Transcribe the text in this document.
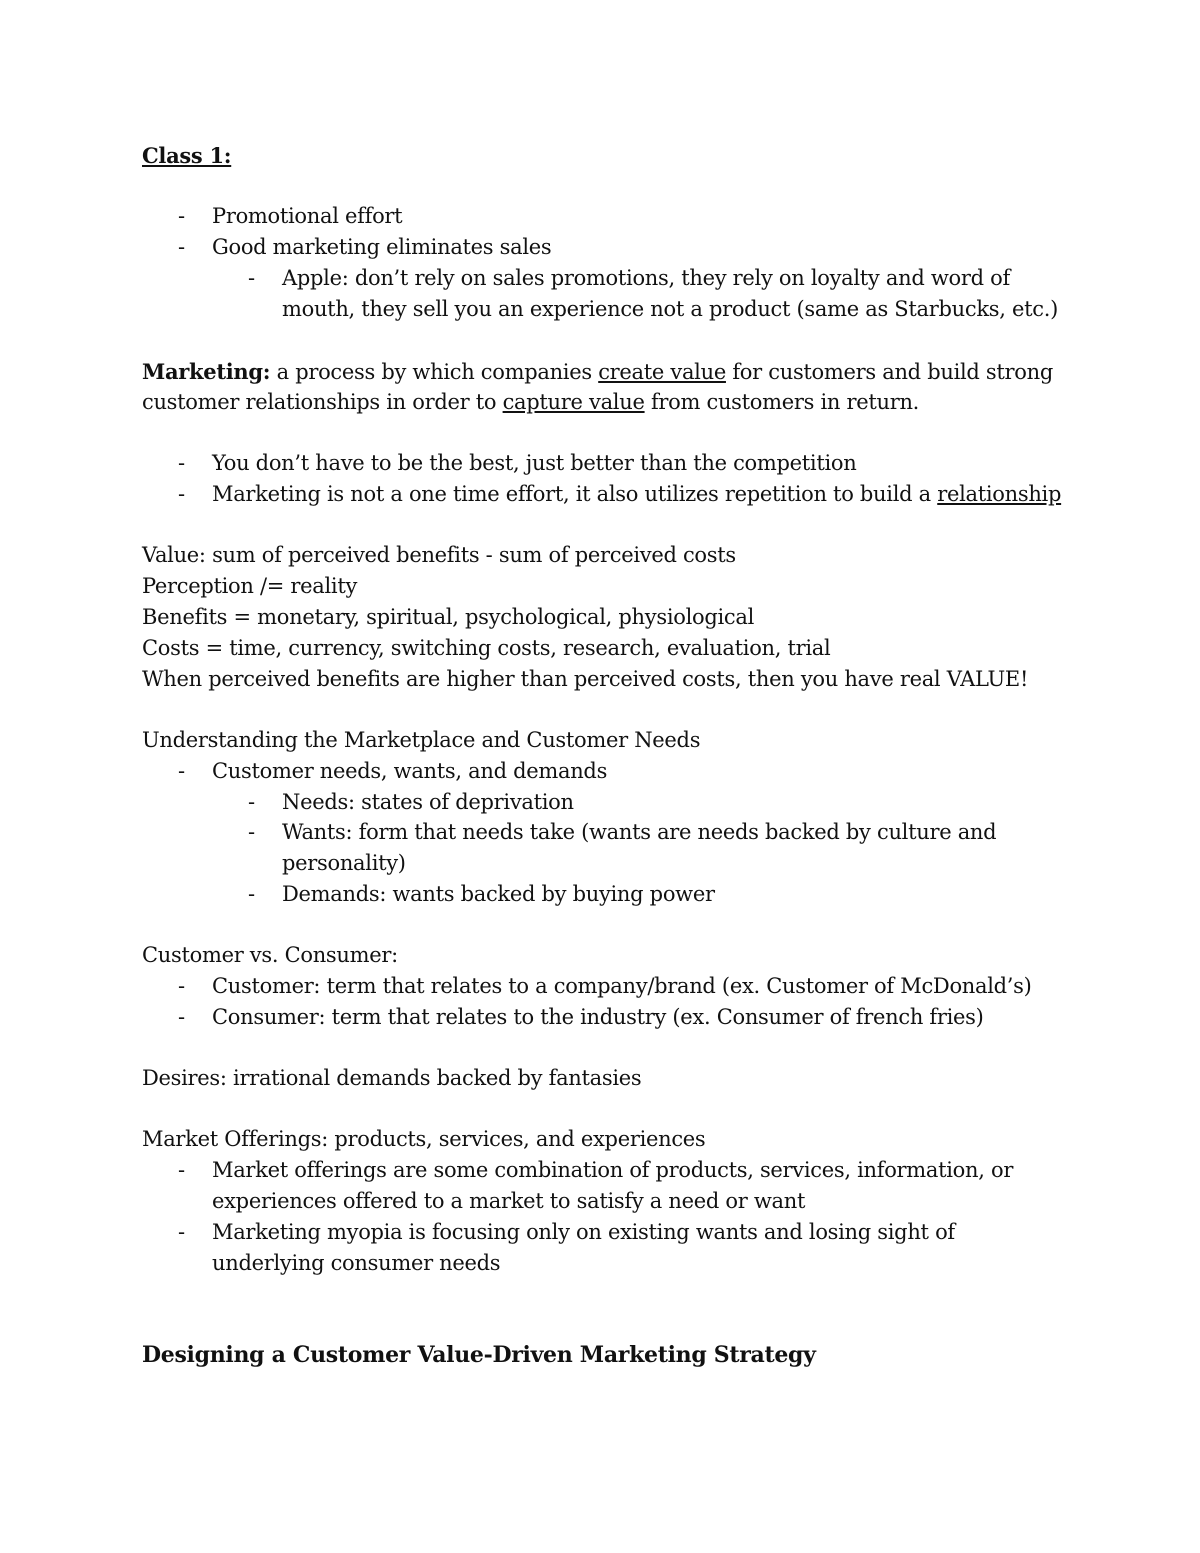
Class 1:
- Promotional effort
- Good marketing eliminates sales
- Apple: don’t rely on sales promotions, they rely on loyalty and word of
mouth, they sell you an experience not a product (same as Starbucks, etc.)
Marketing: a process by which companies create value for customers and build strong
customer relationships in order to capture value from customers in return.
- You don’t have to be the best, just better than the competition
- Marketing is not a one time effort, it also utilizes repetition to build a relationship
Value: sum of perceived benefits - sum of perceived costs
Perception /= reality
Benefits = monetary, spiritual, psychological, physiological
Costs = time, currency, switching costs, research, evaluation, trial
When perceived benefits are higher than perceived costs, then you have real VALUE!
Understanding the Marketplace and Customer Needs
- Customer needs, wants, and demands
- Needs: states of deprivation
- Wants: form that needs take (wants are needs backed by culture and
personality)
- Demands: wants backed by buying power
Customer vs. Consumer:
- Customer: term that relates to a company/brand (ex. Customer of McDonald’s)
- Consumer: term that relates to the industry (ex. Consumer of french fries)
Desires: irrational demands backed by fantasies
Market Offerings: products, services, and experiences
- Market offerings are some combination of products, services, information, or
experiences offered to a market to satisfy a need or want
- Marketing myopia is focusing only on existing wants and losing sight of
underlying consumer needs
Designing a Customer Value-Driven Marketing Strategy
